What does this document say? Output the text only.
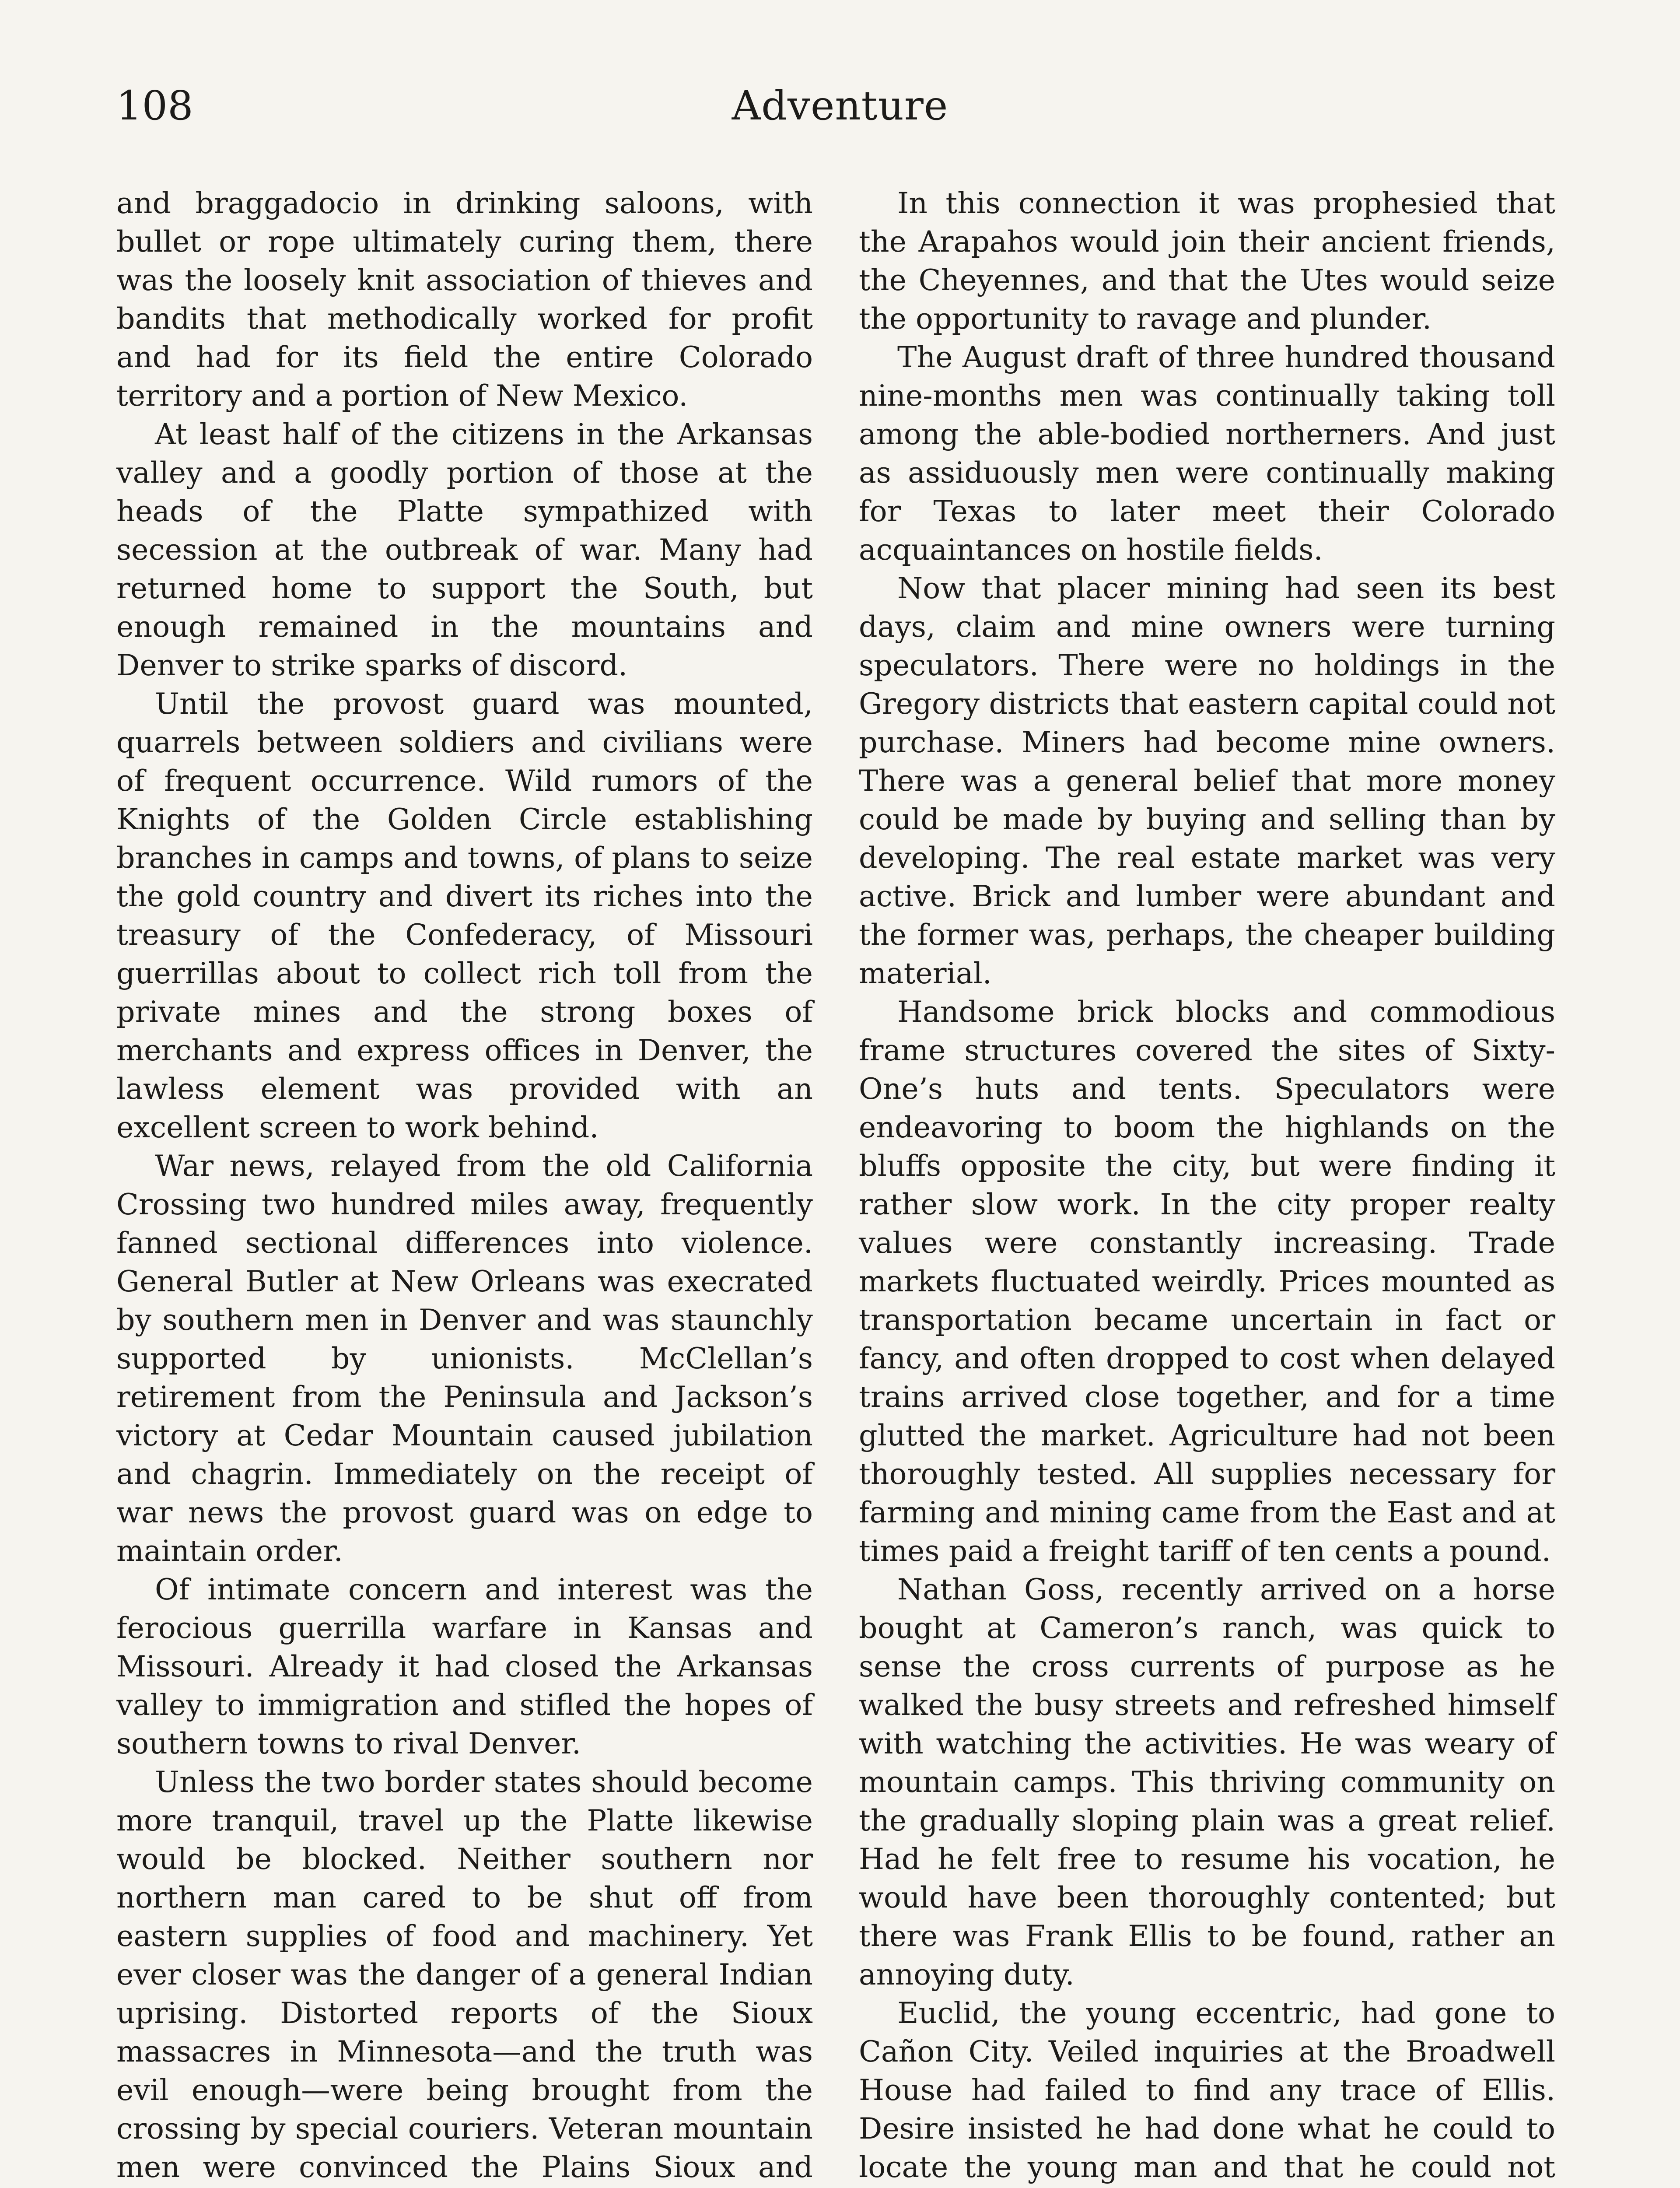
108	Adventure

and braggadocio in drinking saloons, with bullet or rope ultimately curing them, there was the loosely knit association of thieves and bandits that methodically worked for profit and had for its field the entire Colorado territory and a portion of New Mexico.

At least half of the citizens in the Arkansas valley and a goodly portion of those at the heads of the Platte sympathized with secession at the outbreak of war. Many had returned home to support the South, but enough remained in the mountains and Denver to strike sparks of discord.

Until the provost guard was mounted, quarrels between soldiers and civilians were of frequent occurrence. Wild rumors of the Knights of the Golden Circle establishing branches in camps and towns, of plans to seize the gold country and divert its riches into the treasury of the Confederacy, of Missouri guerrillas about to collect rich toll from the private mines and the strong boxes of merchants and express offices in Denver, the lawless element was provided with an excellent screen to work behind.

War news, relayed from the old California Crossing two hundred miles away, frequently fanned sectional differences into violence. General Butler at New Orleans was execrated by southern men in Denver and was staunchly supported by unionists. McClellan’s retirement from the Peninsula and Jackson’s victory at Cedar Mountain caused jubilation and chagrin. Immediately on the receipt of war news the provost guard was on edge to maintain order.

Of intimate concern and interest was the ferocious guerrilla warfare in Kansas and Missouri. Already it had closed the Arkansas valley to immigration and stifled the hopes of southern towns to rival Denver.

Unless the two border states should become more tranquil, travel up the Platte likewise would be blocked. Neither southern nor northern man cared to be shut off from eastern supplies of food and machinery. Yet ever closer was the danger of a general Indian uprising. Distorted reports of the Sioux massacres in Minnesota—and the truth was evil enough—were being brought from the crossing by special couriers. Veteran mountain men were convinced the Plains Sioux and

In this connection it was prophesied that the Arapahos would join their ancient friends, the Cheyennes, and that the Utes would seize the opportunity to ravage and plunder.

The August draft of three hundred thousand nine-months men was continually taking toll among the able-bodied northerners. And just as assiduously men were continually making for Texas to later meet their Colorado acquaintances on hostile fields.

Now that placer mining had seen its best days, claim and mine owners were turning speculators. There were no holdings in the Gregory districts that eastern capital could not purchase. Miners had become mine owners. There was a general belief that more money could be made by buying and selling than by developing. The real estate market was very active. Brick and lumber were abundant and the former was, perhaps, the cheaper building material.

Handsome brick blocks and commodious frame structures covered the sites of Sixty-One’s huts and tents. Speculators were endeavoring to boom the highlands on the bluffs opposite the city, but were finding it rather slow work. In the city proper realty values were constantly increasing. Trade markets fluctuated weirdly. Prices mounted as transportation became uncertain in fact or fancy, and often dropped to cost when delayed trains arrived close together, and for a time glutted the market. Agriculture had not been thoroughly tested. All supplies necessary for farming and mining came from the East and at times paid a freight tariff of ten cents a pound.

Nathan Goss, recently arrived on a horse bought at Cameron’s ranch, was quick to sense the cross currents of purpose as he walked the busy streets and refreshed himself with watching the activities. He was weary of mountain camps. This thriving community on the gradually sloping plain was a great relief. Had he felt free to resume his vocation, he would have been thoroughly contented; but there was Frank Ellis to be found, rather an annoying duty.

Euclid, the young eccentric, had gone to Cañon City. Veiled inquiries at the Broadwell House had failed to find any trace of Ellis. Desire insisted he had done what he could to locate the young man and that he could not
